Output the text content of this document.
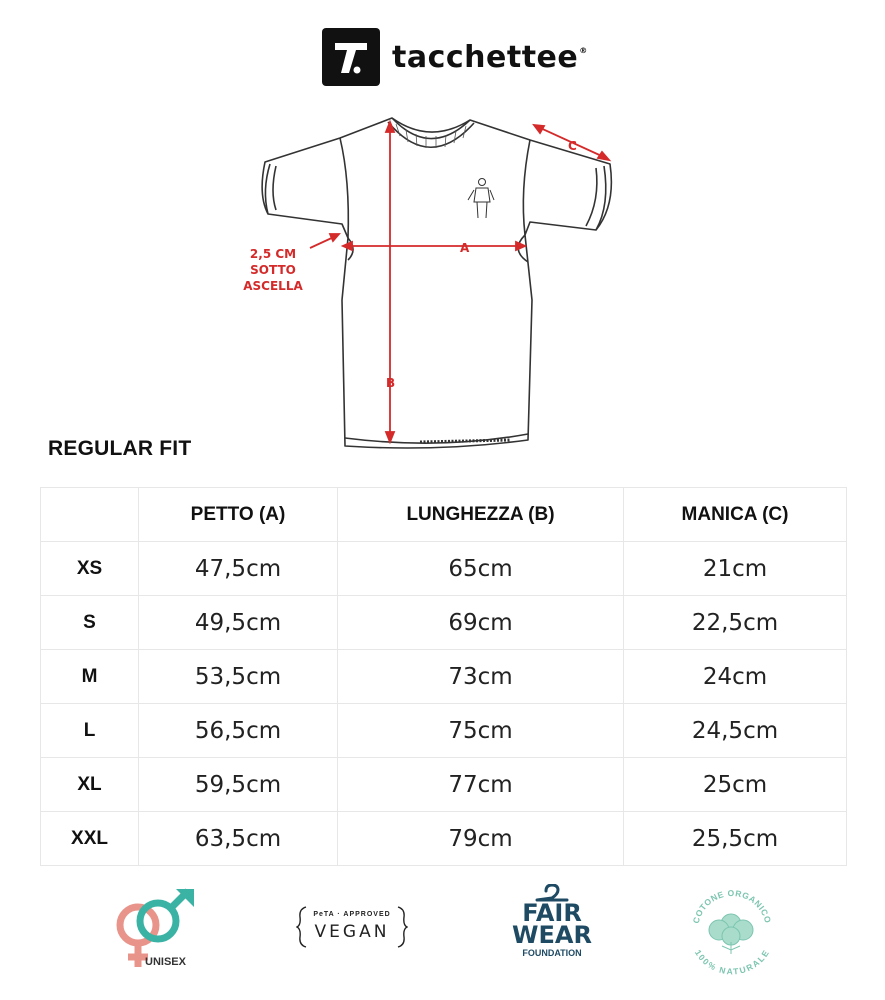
tacchettee®
C
A
B
2,5 CM
SOTTO
ASCELLA
REGULAR FIT
	PETTO (A)	LUNGHEZZA (B)	MANICA (C)
XS	47,5cm	65cm	21cm
S	49,5cm	69cm	22,5cm
M	53,5cm	73cm	24cm
L	56,5cm	75cm	24,5cm
XL	59,5cm	77cm	25cm
XXL	63,5cm	79cm	25,5cm
UNISEX
PeTA · APPROVED
VEGAN
FAIR
WEAR
FOUNDATION
COTONE ORGANICO
100% NATURALE
